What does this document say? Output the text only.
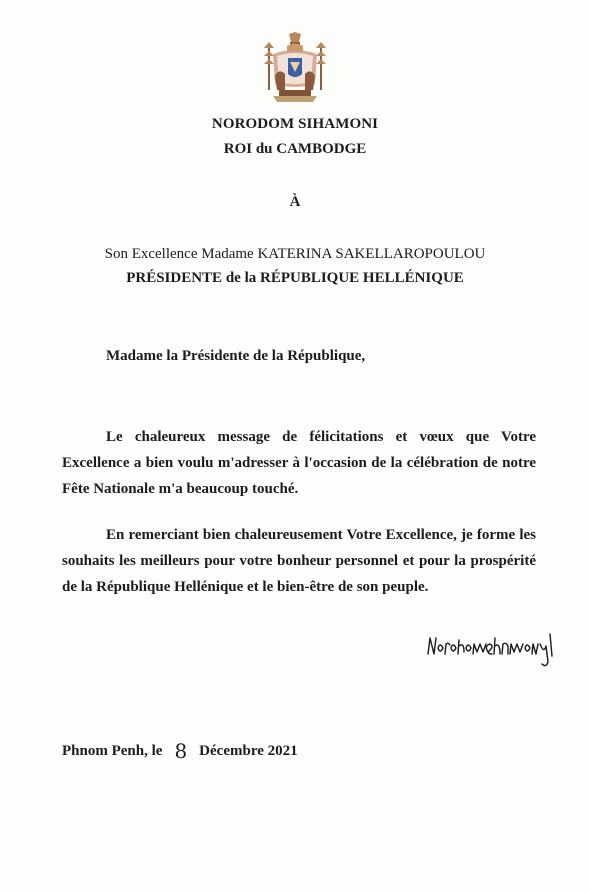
NORODOM SIHAMONI
ROI du CAMBODGE
À
Son Excellence Madame KATERINA SAKELLAROPOULOU
PRÉSIDENTE de la RÉPUBLIQUE HELLÉNIQUE
Madame la Présidente de la République,
Le chaleureux message de félicitations et vœux que Votre Excellence a bien voulu m'adresser à l'occasion de la célébration de notre Fête Nationale m'a beaucoup touché.
En remerciant bien chaleureusement Votre Excellence, je forme les souhaits les meilleurs pour votre bonheur personnel et pour la prospérité de la République Hellénique et le bien-être de son peuple.
Phnom Penh, le 8 Décembre 2021
